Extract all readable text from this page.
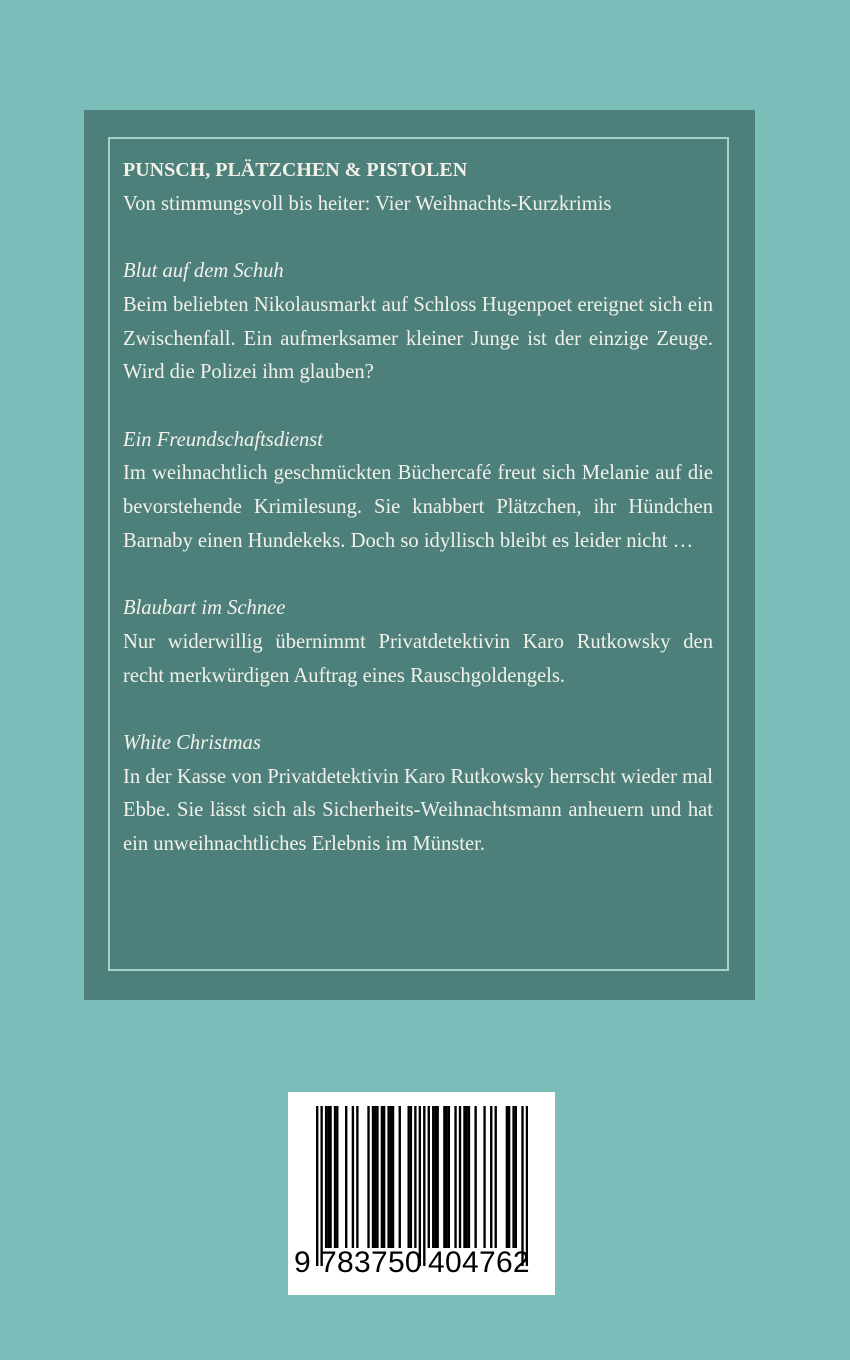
PUNSCH, PLÄTZCHEN & PISTOLEN

Von stimmungsvoll bis heiter: Vier Weihnachts-Kurzkrimis

Blut auf dem Schuh

Beim beliebten Nikolausmarkt auf Schloss Hugenpoet ereignet sich ein Zwischenfall. Ein aufmerksamer kleiner Junge ist der einzige Zeuge. Wird die Polizei ihm glauben?

Ein Freundschaftsdienst

Im weihnachtlich geschmückten Büchercafé freut sich Melanie auf die bevorstehende Krimilesung. Sie knabbert Plätzchen, ihr Hündchen Barnaby einen Hundekeks. Doch so idyllisch bleibt es leider nicht …

Blaubart im Schnee

Nur widerwillig übernimmt Privatdetektivin Karo Rutkowsky den recht merkwürdigen Auftrag eines Rauschgoldengels.

White Christmas

In der Kasse von Privatdetektivin Karo Rutkowsky herrscht wieder mal Ebbe. Sie lässt sich als Sicherheits-Weihnachtsmann anheuern und hat ein unweihnachtliches Erlebnis im Münster.

9 783750 404762
